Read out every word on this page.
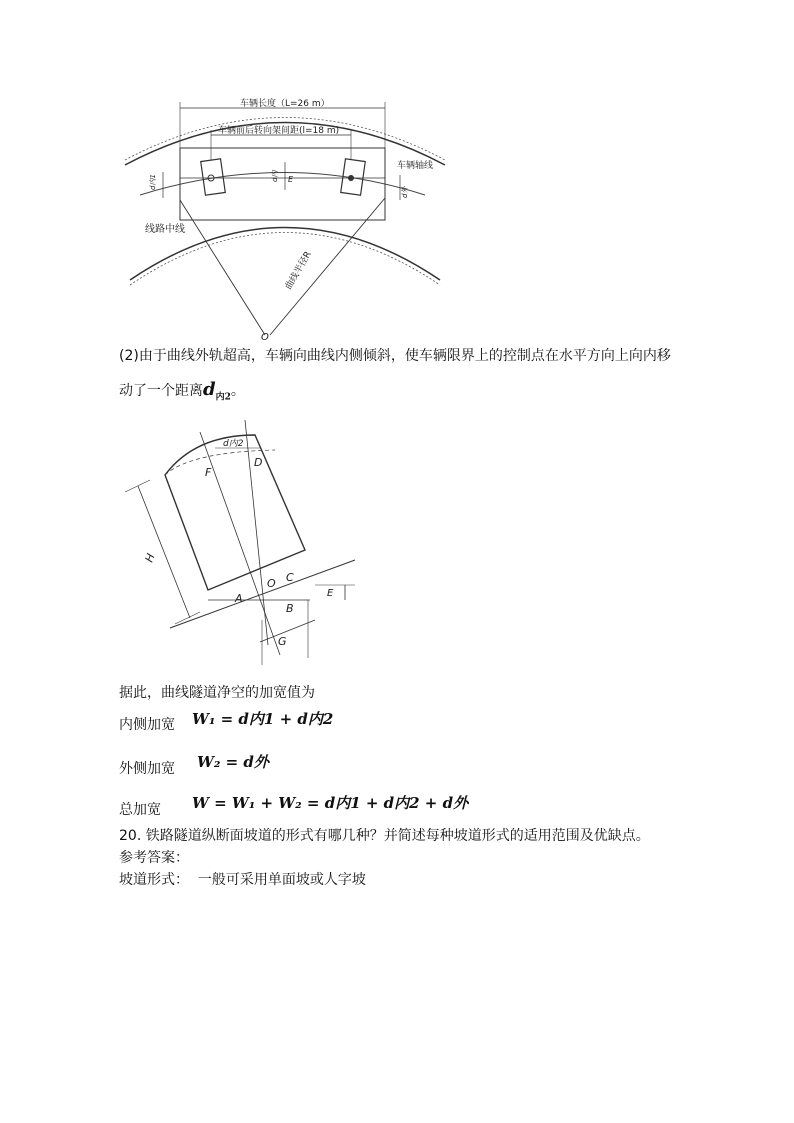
车辆长度（L=26 m）
车辆前后转向架间距(l=18 m)
车辆轴线
线路中线
曲线半径R
O
d内1	d内 E
d外
(2)由于曲线外轨超高，车辆向曲线内侧倾斜，使车辆限界上的控制点在水平方向上向内移
动了一个距离$d_{内2}$。
d内2
F
D
H
O C
A
B
E
G
据此，曲线隧道净空的加宽值为
内侧加宽 W₁ = d内1 + d内2
外侧加宽 W₂ = d外
总加宽 W = W₁ + W₂ = d内1 + d内2 + d外
20. 铁路隧道纵断面坡道的形式有哪几种？并简述每种坡道形式的适用范围及优缺点。
参考答案：
坡道形式：  一般可采用单面坡或人字坡
